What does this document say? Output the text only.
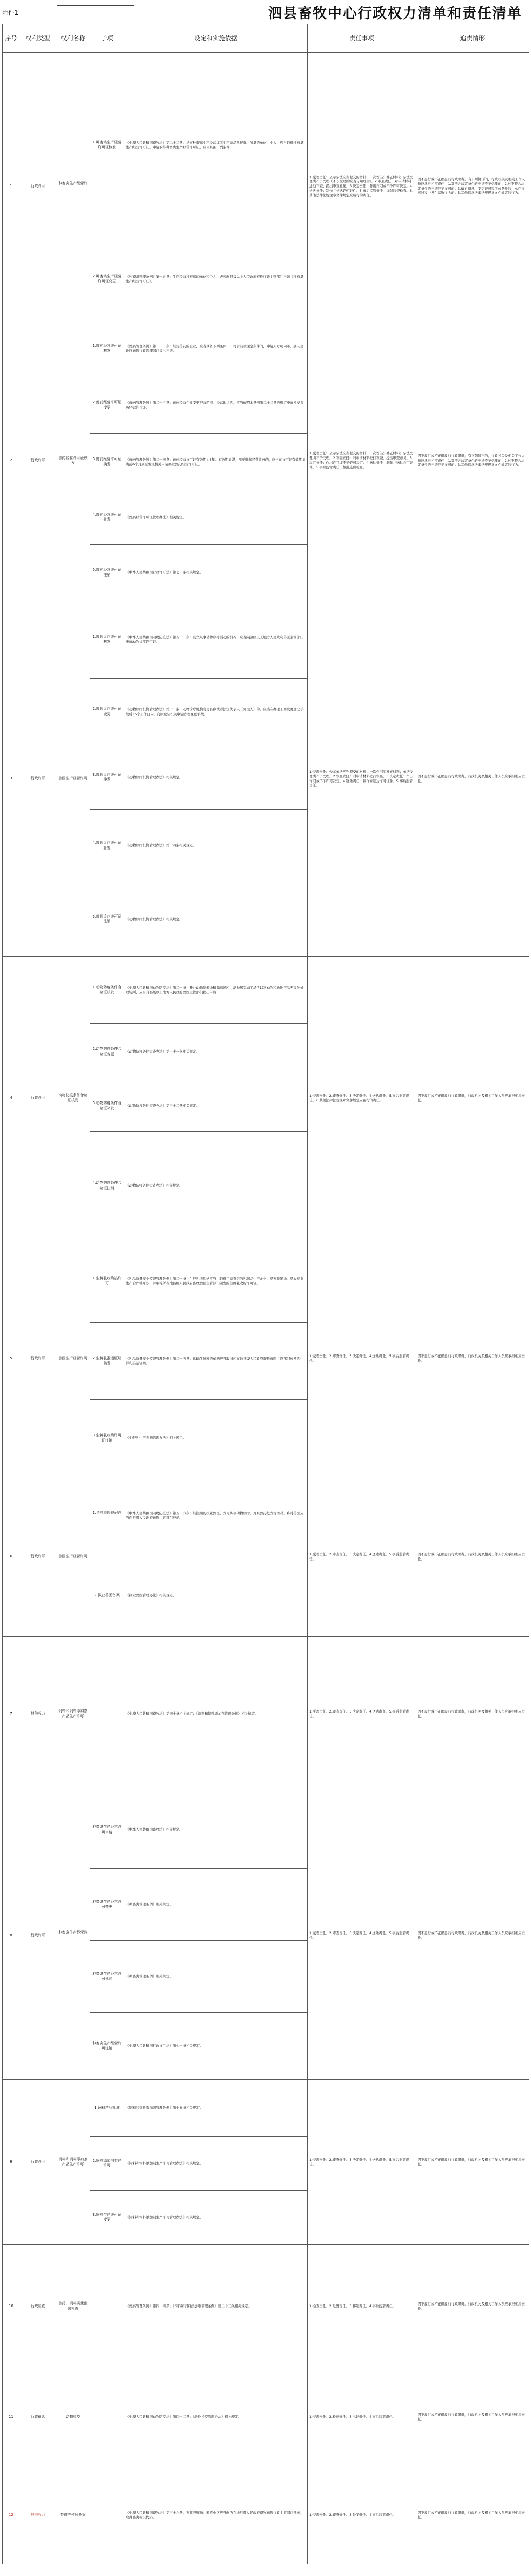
附件1	泗县畜牧中心行政权力清单和责任清单
序号	权利类型	权利名称	子项	设定和实施依据	责任事项	追责情形
1	行政许可	种畜禽生产经营许可	1.种畜禽生产经营许可证核发	《中华人民共和国畜牧法》第二十二条：从事种畜禽生产经营或者生产商品代仔畜、雏禽的单位、个人，应当取得种畜禽生产经营许可证。申请取得种畜禽生产经营许可证，应当具备下列条件……	1.受理责任：公示依法应当提交的材料；一次性告知补正材料；依法受理或不予受理（不予受理的应当告知理由）。2.审查责任：对申请材料进行审查，提出审查意见。3.决定责任：作出许可或不予许可决定。4.送达责任：制作并送达许可证件。5.事后监管责任：加强监督检查。6.其他法律法规规章文件规定应履行的责任。	因不履行或不正确履行行政职责，有下列情形的，行政机关及相关工作人员应承担相应责任：1.对符合法定条件的申请不予受理的；2.对不符合法定条件的申请准予许可的；3.擅自增设、变更许可程序或条件的；4.在许可过程中发生腐败行为的；5.其他违反法律法规规章文件规定的行为。
			2.种畜禽生产经营许可证变更	《种畜禽管理条例》第十五条：生产经营种畜禽的单位和个人，必须向县级以上人民政府畜牧行政主管部门申领《种畜禽生产经营许可证》。		
2	行政许可	兽药经营许可证核发	1.兽药经营许可证核发	《兽药管理条例》第二十二条：经营兽药的企业，应当具备下列条件……符合前款规定条件的，申请人方可向市、县人民政府兽医行政管理部门提出申请。	1.受理责任：公示依法应当提交的材料；一次性告知补正材料；依法受理或不予受理。2.审查责任：对申请材料进行审查，提出审查意见。3.决定责任：作出许可或不予许可决定。4.送达责任：制作并送达许可证件。5.事后监管责任：加强监督检查。	因不履行或不正确履行行政职责，有下列情形的，行政机关及相关工作人员应承担相应责任：1.对符合法定条件的申请不予受理的；2.对不符合法定条件的申请准予许可的；3.其他违反法律法规规章文件规定的行为。
			2.兽药经营许可证变更	《兽药管理条例》第二十三条：兽药经营企业变更经营范围、经营地点的，应当依照本条例第二十二条的规定申请换发兽药经营许可证。		
			3.兽药经营许可证换发	《兽药管理条例》第二十四条：兽药经营许可证有效期为5年。有效期届满，需要继续经营兽药的，应当在许可证有效期届满前6个月到原发证机关申请换发兽药经营许可证。		
			4.兽药经营许可证补发	《兽药经营许可证管理办法》相关规定。		
			5.兽药经营许可证注销	《中华人民共和国行政许可法》第七十条相关规定。		
3	行政许可	兽医生产经营许可	1.兽医诊疗许可证核发	《中华人民共和国动物防疫法》第五十一条：设立从事动物诊疗活动的机构，应当向县级以上地方人民政府兽医主管部门申请动物诊疗许可证。	1.受理责任：公示依法应当提交的材料；一次性告知补正材料；依法受理或不予受理。2.审查责任：对申请材料进行审查。3.决定责任：作出许可或不予许可决定。4.送达责任：制作并送达许可证件。5.事后监管责任。	因不履行或不正确履行行政职责，行政机关及相关工作人员应承担相应责任。
			2.兽医诊疗许可证变更	《动物诊疗机构管理办法》第十二条：动物诊疗机构变更名称或者法定代表人（负责人）的，应当在办理工商变更登记手续后15个工作日内，向原发证机关申请办理变更手续。		
			3.兽医诊疗许可证换发	《动物诊疗机构管理办法》相关规定。		
			4.兽医诊疗许可证补发	《动物诊疗机构管理办法》第十四条相关规定。		
			5.兽医诊疗许可证注销	《动物诊疗机构管理办法》相关规定。		
4	行政许可	动物防疫条件合格证核发	1.动物防疫条件合格证核发	《中华人民共和国动物防疫法》第二十条：开办动物饲养场和隔离场所、动物屠宰加工场所以及动物和动物产品无害化处理场所，应当向县级以上地方人民政府兽医主管部门提出申请……	1.受理责任。2.审查责任。3.决定责任。4.送达责任。5.事后监管责任。6.其他法律法规规章文件规定应履行的责任。	因不履行或不正确履行行政职责，行政机关及相关工作人员应承担相应责任。
			2.动物防疫条件合格证变更	《动物防疫条件审查办法》第三十一条相关规定。		
			3.动物防疫条件合格证补发	《动物防疫条件审查办法》第三十二条相关规定。		
			4.动物防疫条件合格证注销	《动物防疫条件审查办法》相关规定。		
5	行政许可	兽医生产经营许可	1.生鲜乳收购站许可	《乳品质量安全监督管理条例》第二十条：生鲜乳收购站应当由取得工商登记的乳制品生产企业、奶畜养殖场、奶农专业生产合作社开办，并取得所在地县级人民政府畜牧兽医主管部门颁发的生鲜乳收购许可证。	1.受理责任。2.审查责任。3.决定责任。4.送达责任。5.事后监管责任。	因不履行或不正确履行行政职责，行政机关及相关工作人员应承担相应责任。
			2.生鲜乳准运证明核发	《乳品质量安全监督管理条例》第二十五条：运输生鲜乳的车辆应当取得所在地县级人民政府畜牧兽医主管部门核发的生鲜乳准运证明。		
			3.生鲜乳收购许可证注销	《生鲜乳生产收购管理办法》相关规定。		
6	行政许可	兽医生产经营许可	1.乡村兽医登记许可	《中华人民共和国动物防疫法》第五十六条：经注册的执业兽医，方可从事动物诊疗、开具兽药处方等活动。乡村兽医应当向县级人民政府兽医主管部门登记。	1.受理责任。2.审查责任。3.决定责任。4.送达责任。5.事后监管责任。	因不履行或不正确履行行政职责，行政机关及相关工作人员应承担相应责任。
			2.执业兽医备案	《执业兽医管理办法》相关规定。		
7	其他权力	饲料和饲料添加剂产品生产许可		《中华人民共和国畜牧法》第四十条相关规定；《饲料和饲料添加剂管理条例》相关规定。	1.受理责任。2.审查责任。3.决定责任。4.送达责任。5.事后监管责任。	因不履行或不正确履行行政职责，行政机关及相关工作人员应承担相应责任。
8	行政许可	种畜禽生产经营许可	种畜禽生产经营许可申请	《中华人民共和国畜牧法》相关规定。	1.受理责任。2.审查责任。3.决定责任。4.送达责任。5.事后监管责任。	因不履行或不正确履行行政职责，行政机关及相关工作人员应承担相应责任。
			种畜禽生产经营许可变更	《种畜禽管理条例》相关规定。		
			种畜禽生产经营许可延续	《种畜禽管理条例》相关规定。		
			种畜禽生产经营许可注销	《中华人民共和国行政许可法》第七十条相关规定。		
9	行政许可	饲料和饲料添加剂产品生产许可	1.饲料产品批准	《饲料和饲料添加剂管理条例》第十五条相关规定。	1.受理责任。2.审查责任。3.决定责任。4.送达责任。5.事后监管责任。	因不履行或不正确履行行政职责，行政机关及相关工作人员应承担相应责任。
			2.饲料添加剂生产许可	《饲料和饲料添加剂生产许可管理办法》相关规定。		
			3.饲料生产许可证变更	《饲料和饲料添加剂生产许可管理办法》相关规定。		
10	行政检查	兽药、饲料质量监督检查		《兽药管理条例》第四十四条；《饲料和饲料添加剂管理条例》第三十三条相关规定。	1.检查责任。2.处置责任。3.移送责任。4.事后监管责任。	因不履行或不正确履行行政职责，行政机关及相关工作人员应承担相应责任。
11	行政确认	动物检疫		《中华人民共和国动物防疫法》第四十二条；《动物检疫管理办法》相关规定。	1.受理责任。2.检疫责任。3.出证责任。4.事后监管责任。	因不履行或不正确履行行政职责，行政机关及相关工作人员应承担相应责任。
12	其他权力	畜禽养殖场备案		《中华人民共和国畜牧法》第三十九条：畜禽养殖场、养殖小区应当向所在地县级人民政府畜牧兽医行政主管部门备案，取得畜禽标识代码。	1.受理责任。2.审查责任。3.备案责任。4.事后监管责任。	因不履行或不正确履行行政职责，行政机关及相关工作人员应承担相应责任。
